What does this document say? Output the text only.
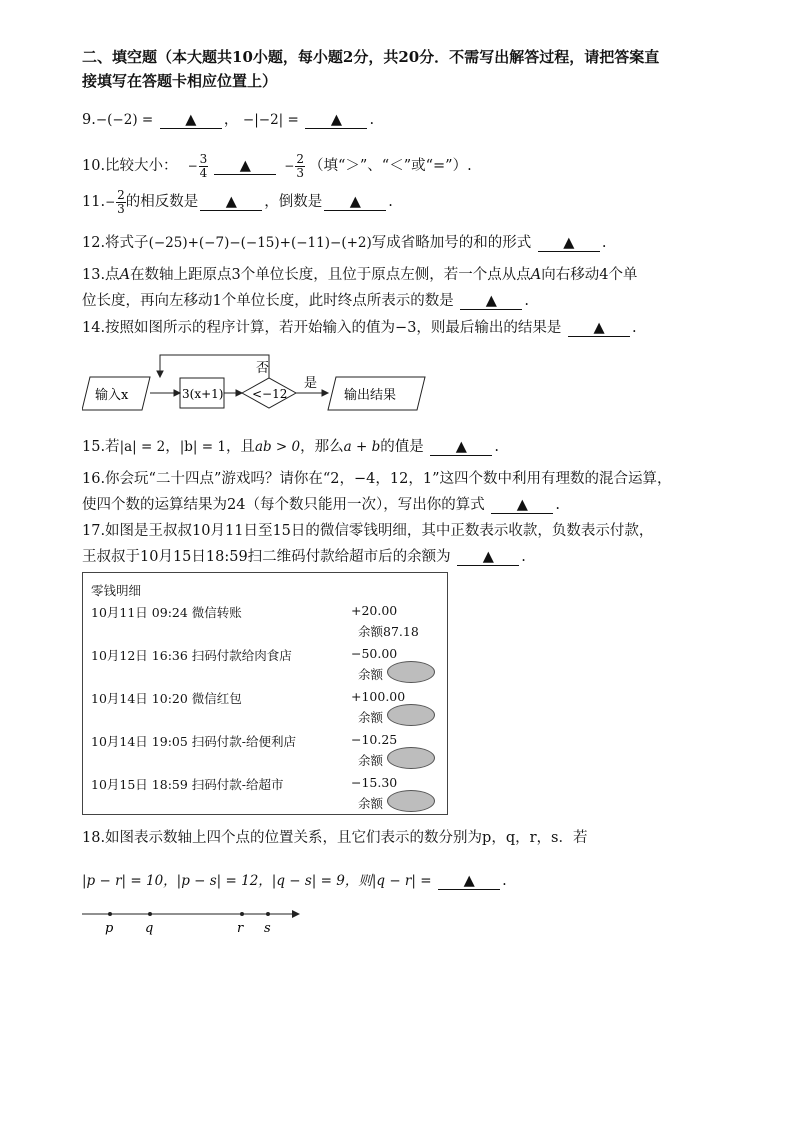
二、填空题（本大题共10小题，每小题2分，共20分．不需写出解答过程，请把答案直
接填写在答题卡相应位置上）
9.−(−2) = ▲ ， −|−2| = ▲ .
10.比较大小： − $\frac{3}{4}$	▲	− $\frac{2}{3}$ （填“＞”、“＜”或“=”）.
11. − $\frac{2}{3}$ 的相反数是	▲	，倒数是	▲	.
12.将式子(−25)+(−7)−(−15)+(−11)−(+2)写成省略加号的和的形式 ▲ .
13.点A在数轴上距原点3个单位长度，且位于原点左侧，若一个点从点A向右移动4个单
位长度，再向左移动1个单位长度，此时终点所表示的数是 ▲ .
14.按照如图所示的程序计算，若开始输入的值为−3，则最后输出的结果是 ▲ .
输入x	3(x+1) <−12
否
是
输出结果
15.若|a| = 2，|b| = 1，且ab > 0，那么a + b的值是 ▲ .
16.你会玩“二十四点”游戏吗？请你在“2，−4，12，1”这四个数中利用有理数的混合运算，
使四个数的运算结果为24（每个数只能用一次），写出你的算式 ▲ .
17.如图是王叔叔10月11日至15日的微信零钱明细，其中正数表示收款，负数表示付款，
王叔叔于10月15日18:59扫二维码付款给超市后的余额为 ▲ .
零钱明细
10月11日 09:24 微信转账	+20.00
余额87.18
10月12日 16:36 扫码付款给肉食店	−50.00
余额
10月14日 10:20 微信红包	+100.00
余额
10月14日 19:05 扫码付款-给便利店	−10.25
余额
10月15日 18:59 扫码付款-给超市	−15.30
余额
18.如图表示数轴上四个点的位置关系，且它们表示的数分别为p，q，r，s．若
|p − r| = 10，|p − s| = 12，|q − s| = 9，则|q − r| = ▲ .
p q	r s
